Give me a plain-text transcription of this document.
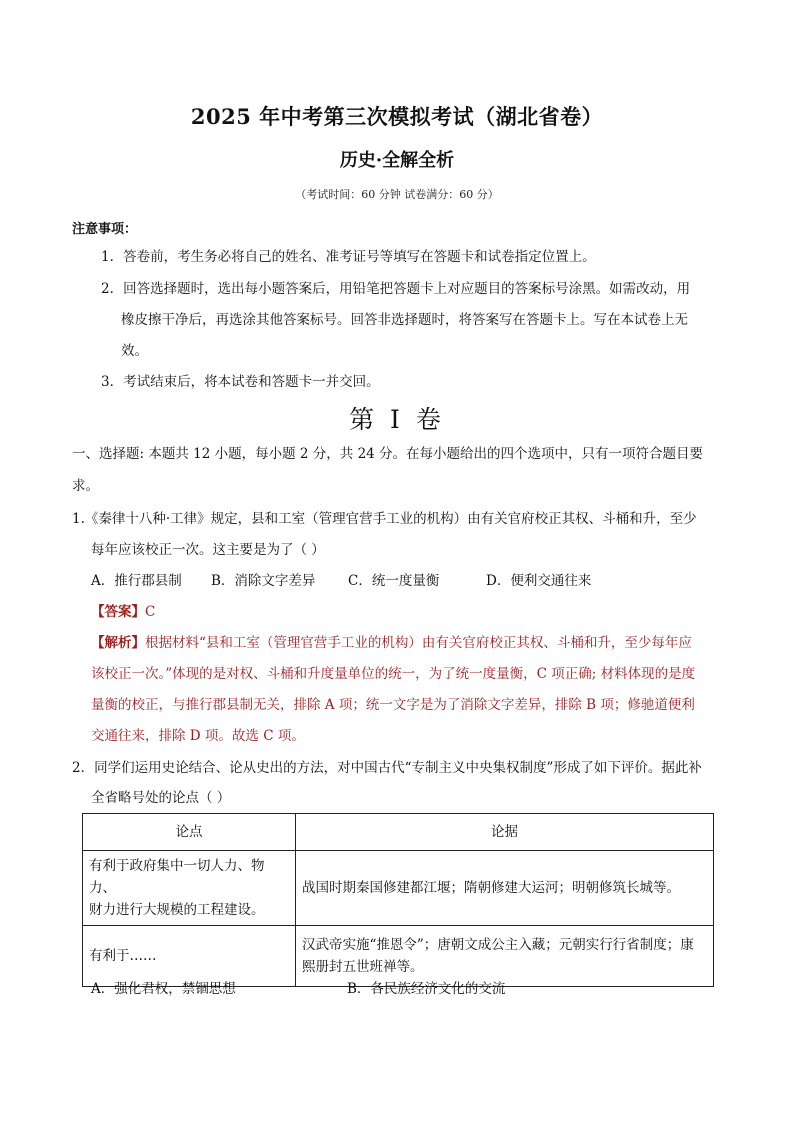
2025 年中考第三次模拟考试（湖北省卷）
历史·全解全析
（考试时间：60 分钟 试卷满分：60 分）
注意事项：
1．答卷前，考生务必将自己的姓名、准考证号等填写在答题卡和试卷指定位置上。
2．回答选择题时，选出每小题答案后，用铅笔把答题卡上对应题目的答案标号涂黑。如需改动，用
橡皮擦干净后，再选涂其他答案标号。回答非选择题时，将答案写在答题卡上。写在本试卷上无
效。
3．考试结束后，将本试卷和答题卡一并交回。
第 I 卷
一、选择题: 本题共 12 小题，每小题 2 分，共 24 分。在每小题给出的四个选项中，只有一项符合题目要
求。
1.《秦律十八种·工律》规定，县和工室（管理官营手工业的机构）由有关官府校正其权、斗桶和升，至少
每年应该校正一次。这主要是为了（ ）
A．推行郡县制 B．消除文字差异 C．统一度量衡	D．便利交通往来
【答案】C
【解析】根据材料“县和工室（管理官营手工业的机构）由有关官府校正其权、斗桶和升，至少每年应
该校正一次。”体现的是对权、斗桶和升度量单位的统一，为了统一度量衡，C 项正确; 材料体现的是度
量衡的校正，与推行郡县制无关，排除 A 项；统一文字是为了消除文字差异，排除 B 项；修驰道便利
交通往来，排除 D 项。故选 C 项。
2．同学们运用史论结合、论从史出的方法，对中国古代“专制主义中央集权制度”形成了如下评价。据此补
全省略号处的论点（ ）
论点	论据

有利于政府集中一切人力、物力、
财力进行大规模的工程建设。	战国时期秦国修建都江堰；隋朝修建大运河；明朝修筑长城等。

有利于……	汉武帝实施“推恩令”；唐朝文成公主入藏；元朝实行行省制度；康
熙册封五世班禅等。
A．强化君权，禁锢思想	B．各民族经济文化的交流
